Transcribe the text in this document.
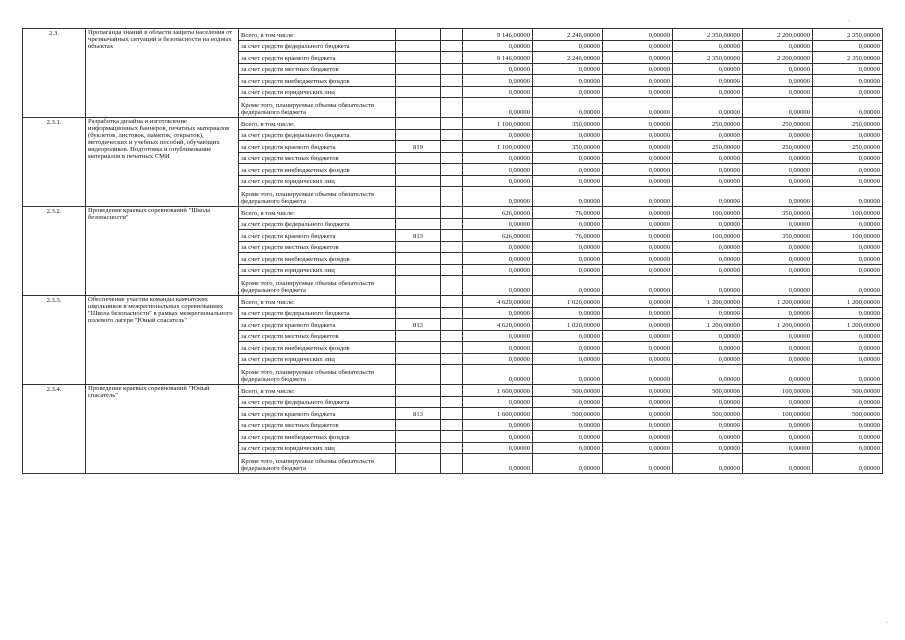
2.3.	Пропаганда знаний в области защиты населения от чрезвычайных ситуаций и безопасности на водных объектах	Всего, в том числе:			9 146,00000	2 246,00000	0,00000	2 350,00000	2 200,00000	2 350,00000
		за счет средств федерального бюджета			0,00000	0,00000	0,00000	0,00000	0,00000	0,00000
		за счет средств краевого бюджета			9 146,00000	2 246,00000	0,00000	2 350,00000	2 200,00000	2 350,00000
		за счет средств местных бюджетов			0,00000	0,00000	0,00000	0,00000	0,00000	0,00000
		за счет средств внебюджетных фондов			0,00000	0,00000	0,00000	0,00000	0,00000	0,00000
		за счет средств юридических лиц			0,00000	0,00000	0,00000	0,00000	0,00000	0,00000
		Кроме того, планируемые объемы обязательств федерального бюджета			0,00000	0,00000	0,00000	0,00000	0,00000	0,00000
2.3.1.	Разработка дизайна и изготовление информационных баннеров, печатных материалов (буклетов, листовок, памяток, открыток), методических и учебных пособий, обучающих видеороликов. Подготовка и опубликование материалов в печатных СМИ	Всего, в том числе:			1 100,00000	350,00000	0,00000	250,00000	250,00000	250,00000
		за счет средств федерального бюджета			0,00000	0,00000	0,00000	0,00000	0,00000	0,00000
		за счет средств краевого бюджета	819		1 100,00000	350,00000	0,00000	250,00000	250,00000	250,00000
		за счет средств местных бюджетов			0,00000	0,00000	0,00000	0,00000	0,00000	0,00000
		за счет средств внебюджетных фондов			0,00000	0,00000	0,00000	0,00000	0,00000	0,00000
		за счет средств юридических лиц			0,00000	0,00000	0,00000	0,00000	0,00000	0,00000
		Кроме того, планируемые объемы обязательств федерального бюджета			0,00000	0,00000	0,00000	0,00000	0,00000	0,00000
2.3.2.	Проведение краевых соревнований "Школа безопасности"	Всего, в том числе:			626,00000	76,00000	0,00000	100,00000	350,00000	100,00000
		за счет средств федерального бюджета			0,00000	0,00000	0,00000	0,00000	0,00000	0,00000
		за счет средств краевого бюджета	813		626,00000	76,00000	0,00000	100,00000	350,00000	100,00000
		за счет средств местных бюджетов			0,00000	0,00000	0,00000	0,00000	0,00000	0,00000
		за счет средств внебюджетных фондов			0,00000	0,00000	0,00000	0,00000	0,00000	0,00000
		за счет средств юридических лиц			0,00000	0,00000	0,00000	0,00000	0,00000	0,00000
		Кроме того, планируемые объемы обязательств федерального бюджета			0,00000	0,00000	0,00000	0,00000	0,00000	0,00000
2.3.3.	Обеспечение участия команды камчатских школьников в межрегиональных соревнованиях "Школа безопасности" в рамках межрегионального полевого лагеря "Юный спасатель"	Всего, в том числе:			4 620,00000	1 020,00000	0,00000	1 200,00000	1 200,00000	1 200,00000
		за счет средств федерального бюджета			0,00000	0,00000	0,00000	0,00000	0,00000	0,00000
		за счет средств краевого бюджета	813		4 620,00000	1 020,00000	0,00000	1 200,00000	1 200,00000	1 200,00000
		за счет средств местных бюджетов			0,00000	0,00000	0,00000	0,00000	0,00000	0,00000
		за счет средств внебюджетных фондов			0,00000	0,00000	0,00000	0,00000	0,00000	0,00000
		за счет средств юридических лиц			0,00000	0,00000	0,00000	0,00000	0,00000	0,00000
		Кроме того, планируемые объемы обязательств федерального бюджета			0,00000	0,00000	0,00000	0,00000	0,00000	0,00000
2.3.4.	Проведение краевых соревнований "Юный спасатель"	Всего, в том числе:			1 600,00000	500,00000	0,00000	500,00000	100,00000	500,00000
		за счет средств федерального бюджета			0,00000	0,00000	0,00000	0,00000	0,00000	0,00000
		за счет средств краевого бюджета	813		1 600,00000	500,00000	0,00000	500,00000	100,00000	500,00000
		за счет средств местных бюджетов			0,00000	0,00000	0,00000	0,00000	0,00000	0,00000
		за счет средств внебюджетных фондов			0,00000	0,00000	0,00000	0,00000	0,00000	0,00000
		за счет средств юридических лиц			0,00000	0,00000	0,00000	0,00000	0,00000	0,00000
		Кроме того, планируемые объемы обязательств федерального бюджета			0,00000	0,00000	0,00000	0,00000	0,00000	0,00000
